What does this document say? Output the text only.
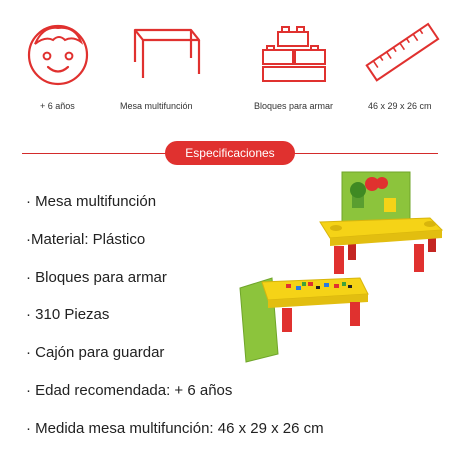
+ 6 años	Mesa multifunción	Bloques para armar	46 x 29 x 26 cm
Especificaciones
· Mesa multifunción
·Material: Plástico
· Bloques para armar
· 310 Piezas
· Cajón para guardar
· Edad recomendada: + 6 años
· Medida mesa multifunción: 46 x 29 x 26 cm
